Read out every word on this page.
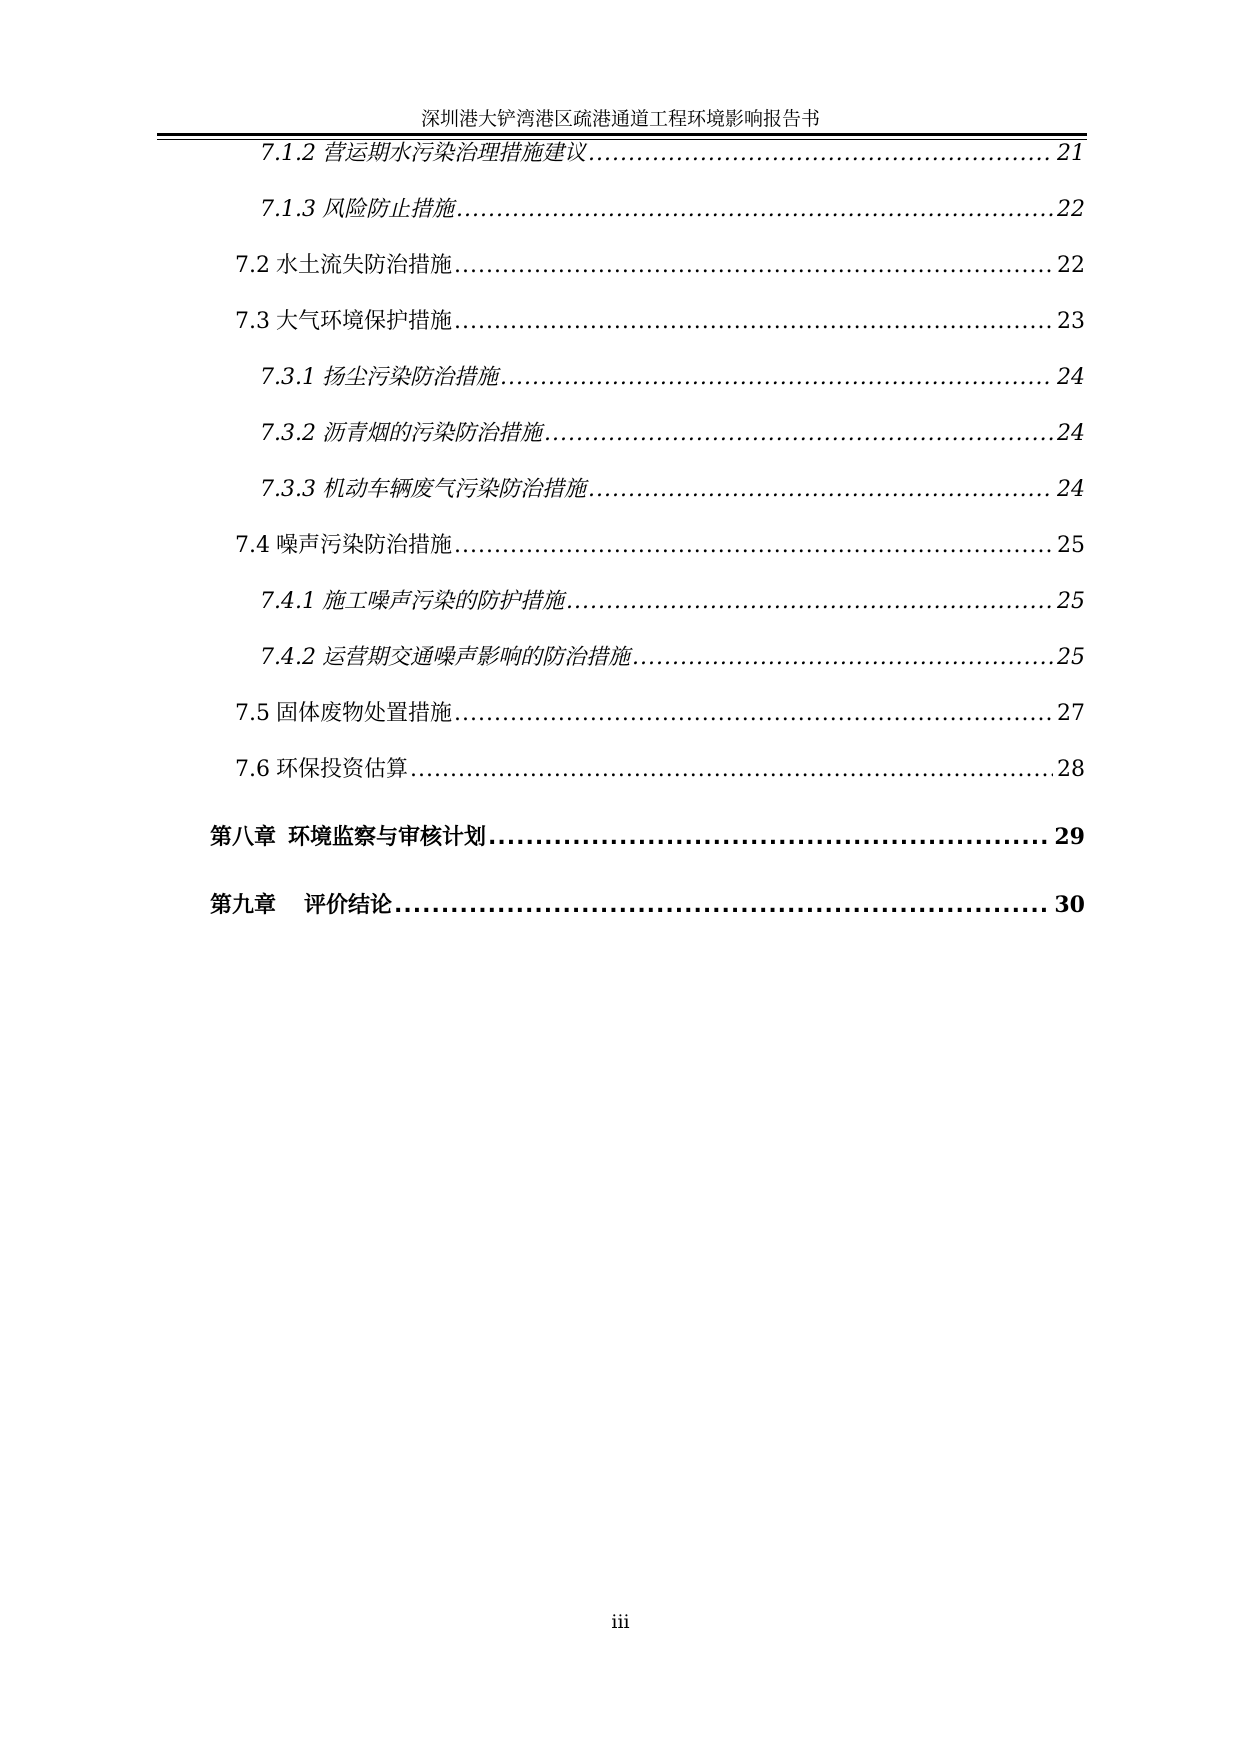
深圳港大铲湾港区疏港通道工程环境影响报告书
7.1.2 营运期水污染治理措施建议 .....	21
7.1.3 风险防止措施 .....	22
7.2 水土流失防治措施 .....	22
7.3 大气环境保护措施 .....	23
7.3.1 扬尘污染防治措施 .....	24
7.3.2 沥青烟的污染防治措施 .....	24
7.3.3 机动车辆废气污染防治措施 .....	24
7.4 噪声污染防治措施 .....	25
7.4.1 施工噪声污染的防护措施 .....	25
7.4.2 运营期交通噪声影响的防治措施 .....	25
7.5 固体废物处置措施 .....	27
7.6 环保投资估算 .....	28
第八章 环境监察与审核计划 .....	29
第九章	评价结论 .....	30
iii
